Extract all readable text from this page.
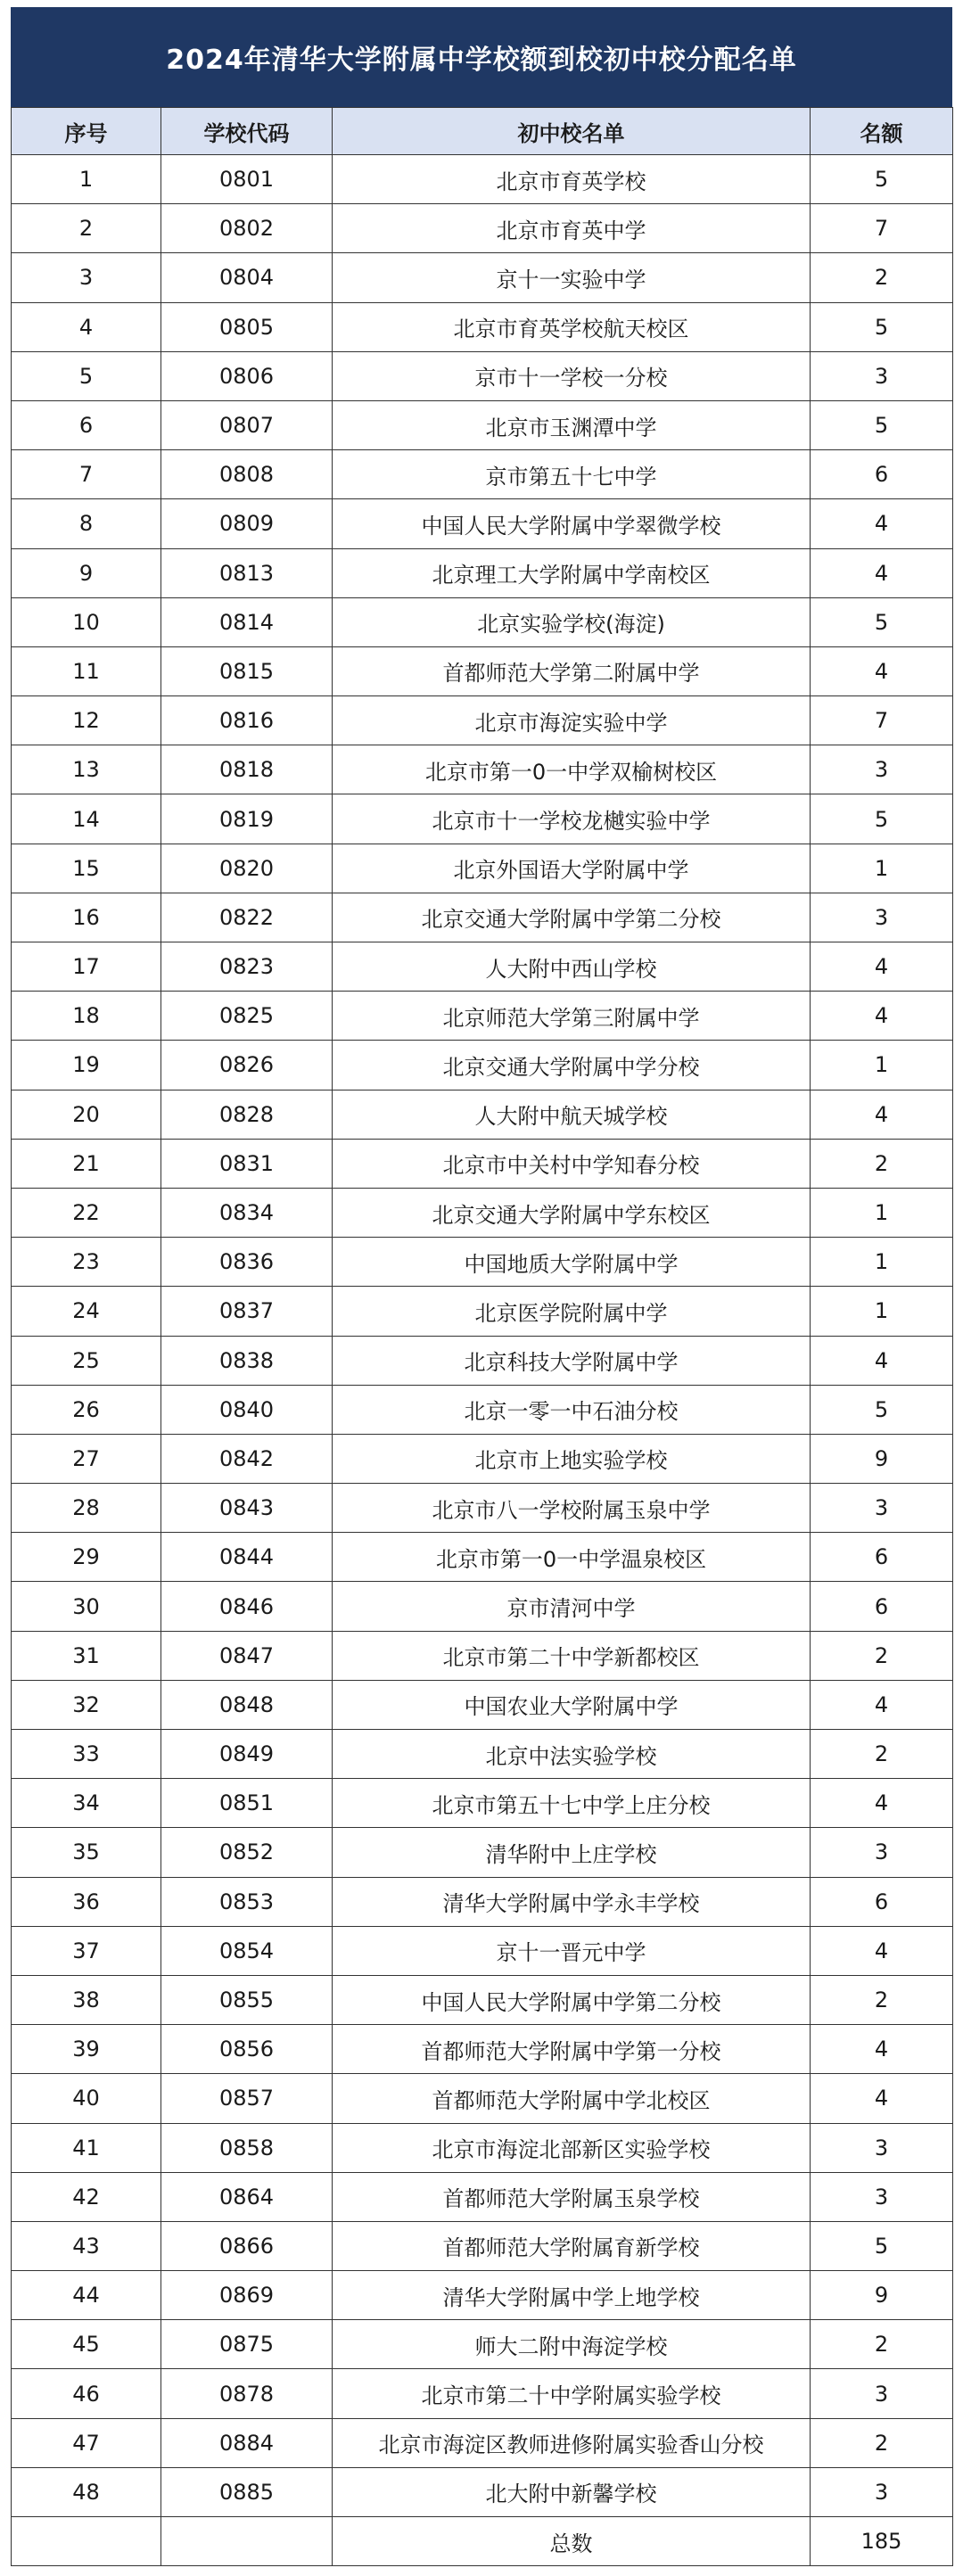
2024年清华大学附属中学校额到校初中校分配名单
序号	学校代码	初中校名单	名额
1	0801	北京市育英学校	5
2	0802	北京市育英中学	7
3	0804	京十一实验中学	2
4	0805	北京市育英学校航天校区	5
5	0806	京市十一学校一分校	3
6	0807	北京市玉渊潭中学	5
7	0808	京市第五十七中学	6
8	0809	中国人民大学附属中学翠微学校	4
9	0813	北京理工大学附属中学南校区	4
10	0814	北京实验学校(海淀)	5
11	0815	首都师范大学第二附属中学	4
12	0816	北京市海淀实验中学	7
13	0818	北京市第一0一中学双榆树校区	3
14	0819	北京市十一学校龙樾实验中学	5
15	0820	北京外国语大学附属中学	1
16	0822	北京交通大学附属中学第二分校	3
17	0823	人大附中西山学校	4
18	0825	北京师范大学第三附属中学	4
19	0826	北京交通大学附属中学分校	1
20	0828	人大附中航天城学校	4
21	0831	北京市中关村中学知春分校	2
22	0834	北京交通大学附属中学东校区	1
23	0836	中国地质大学附属中学	1
24	0837	北京医学院附属中学	1
25	0838	北京科技大学附属中学	4
26	0840	北京一零一中石油分校	5
27	0842	北京市上地实验学校	9
28	0843	北京市八一学校附属玉泉中学	3
29	0844	北京市第一0一中学温泉校区	6
30	0846	京市清河中学	6
31	0847	北京市第二十中学新都校区	2
32	0848	中国农业大学附属中学	4
33	0849	北京中法实验学校	2
34	0851	北京市第五十七中学上庄分校	4
35	0852	清华附中上庄学校	3
36	0853	清华大学附属中学永丰学校	6
37	0854	京十一晋元中学	4
38	0855	中国人民大学附属中学第二分校	2
39	0856	首都师范大学附属中学第一分校	4
40	0857	首都师范大学附属中学北校区	4
41	0858	北京市海淀北部新区实验学校	3
42	0864	首都师范大学附属玉泉学校	3
43	0866	首都师范大学附属育新学校	5
44	0869	清华大学附属中学上地学校	9
45	0875	师大二附中海淀学校	2
46	0878	北京市第二十中学附属实验学校	3
47	0884	北京市海淀区教师进修附属实验香山分校	2
48	0885	北大附中新馨学校	3
		总数	185
